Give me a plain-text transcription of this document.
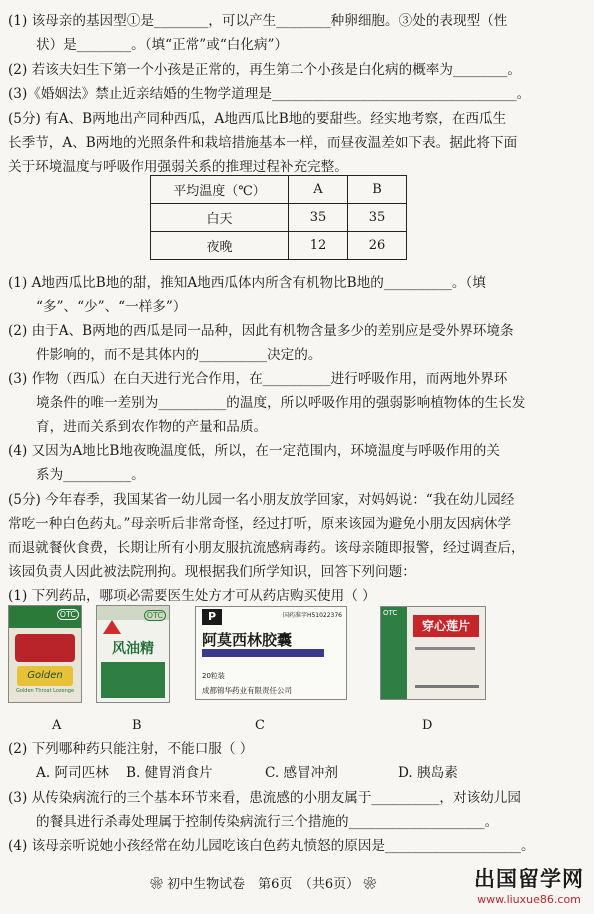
(1) 该母亲的基因型①是________，可以产生________种卵细胞。③处的表现型（性
状）是________。（填“正常”或“白化病”）
(2) 若该夫妇生下第一个小孩是正常的，再生第二个小孩是白化病的概率为________。
(3)《婚姻法》禁止近亲结婚的生物学道理是____________________________________。
(5分) 有A、B两地出产同种西瓜，A地西瓜比B地的要甜些。经实地考察，在西瓜生
长季节，A、B两地的光照条件和栽培措施基本一样，而昼夜温差如下表。据此将下面
关于环境温度与呼吸作用强弱关系的推理过程补充完整。
平均温度（℃）	A	B
白天	35	35
夜晚	12	26
(1) A地西瓜比B地的甜，推知A地西瓜体内所含有机物比B地的__________。（填
“多”、“少”、“一样多”）
(2) 由于A、B两地的西瓜是同一品种，因此有机物含量多少的差别应是受外界环境条
件影响的，而不是其体内的__________决定的。
(3) 作物（西瓜）在白天进行光合作用，在__________进行呼吸作用，而两地外界环
境条件的唯一差别为__________的温度，所以呼吸作用的强弱影响植物体的生长发
育，进而关系到农作物的产量和品质。
(4) 又因为A地比B地夜晚温度低，所以，在一定范围内，环境温度与呼吸作用的关
系为__________。
(5分) 今年春季，我国某省一幼儿园一名小朋友放学回家，对妈妈说：“我在幼儿园经
常吃一种白色药丸。”母亲听后非常奇怪，经过打听，原来该园为避免小朋友因病休学
而退就餐伙食费，长期让所有小朋友服抗流感病毒药。该母亲随即报警，经过调查后，
该园负责人因此被法院刑拘。现根据我们所学知识，回答下列问题：
(1) 下列药品，哪项必需要医生处方才可从药店购买使用（ ）
OTC
Golden
Golden Throat Lozenge
OTC
风油精
P	国药准字H51022376
阿莫西林胶囊
20粒装
成都锦华药业有限责任公司
OTC
穿心莲片
A	B	C	D
(2) 下列哪种药只能注射，不能口服（ ）
A. 阿司匹林 B. 健胃消食片	C. 感冒冲剂	D. 胰岛素
(3) 从传染病流行的三个基本环节来看，患流感的小朋友属于__________，对该幼儿园
的餐具进行杀毒处理属于控制传染病流行三个措施的____________________。
(4) 该母亲听说她小孩经常在幼儿园吃该白色药丸愤怒的原因是____________________。
❀ 初中生物试卷　第6页　（共6页） ❀	出国留学网
www.liuxue86.com
